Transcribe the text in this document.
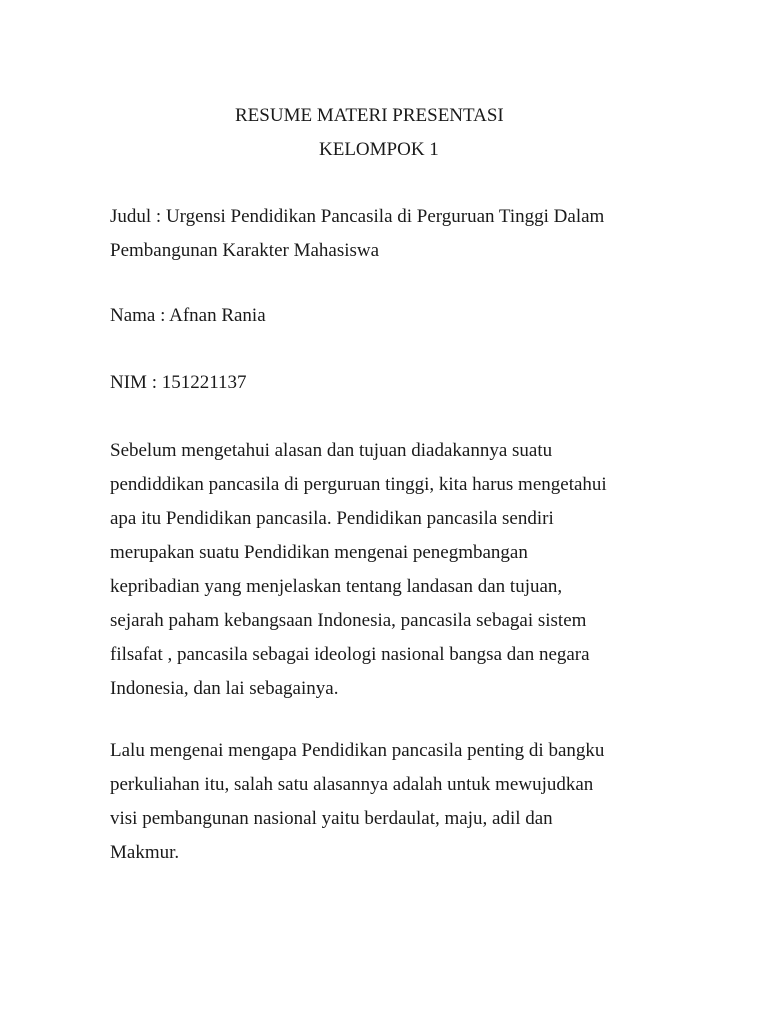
RESUME MATERI PRESENTASI
KELOMPOK 1
Judul : Urgensi Pendidikan Pancasila di Perguruan Tinggi Dalam
Pembangunan Karakter Mahasiswa
Nama : Afnan Rania
NIM : 151221137
Sebelum mengetahui alasan dan tujuan diadakannya suatu
pendiddikan pancasila di perguruan tinggi, kita harus mengetahui
apa itu Pendidikan pancasila. Pendidikan pancasila sendiri
merupakan suatu Pendidikan mengenai penegmbangan
kepribadian yang menjelaskan tentang landasan dan tujuan,
sejarah paham kebangsaan Indonesia, pancasila sebagai sistem
filsafat , pancasila sebagai ideologi nasional bangsa dan negara
Indonesia, dan lai sebagainya.
Lalu mengenai mengapa Pendidikan pancasila penting di bangku
perkuliahan itu, salah satu alasannya adalah untuk mewujudkan
visi pembangunan nasional yaitu berdaulat, maju, adil dan
Makmur.
